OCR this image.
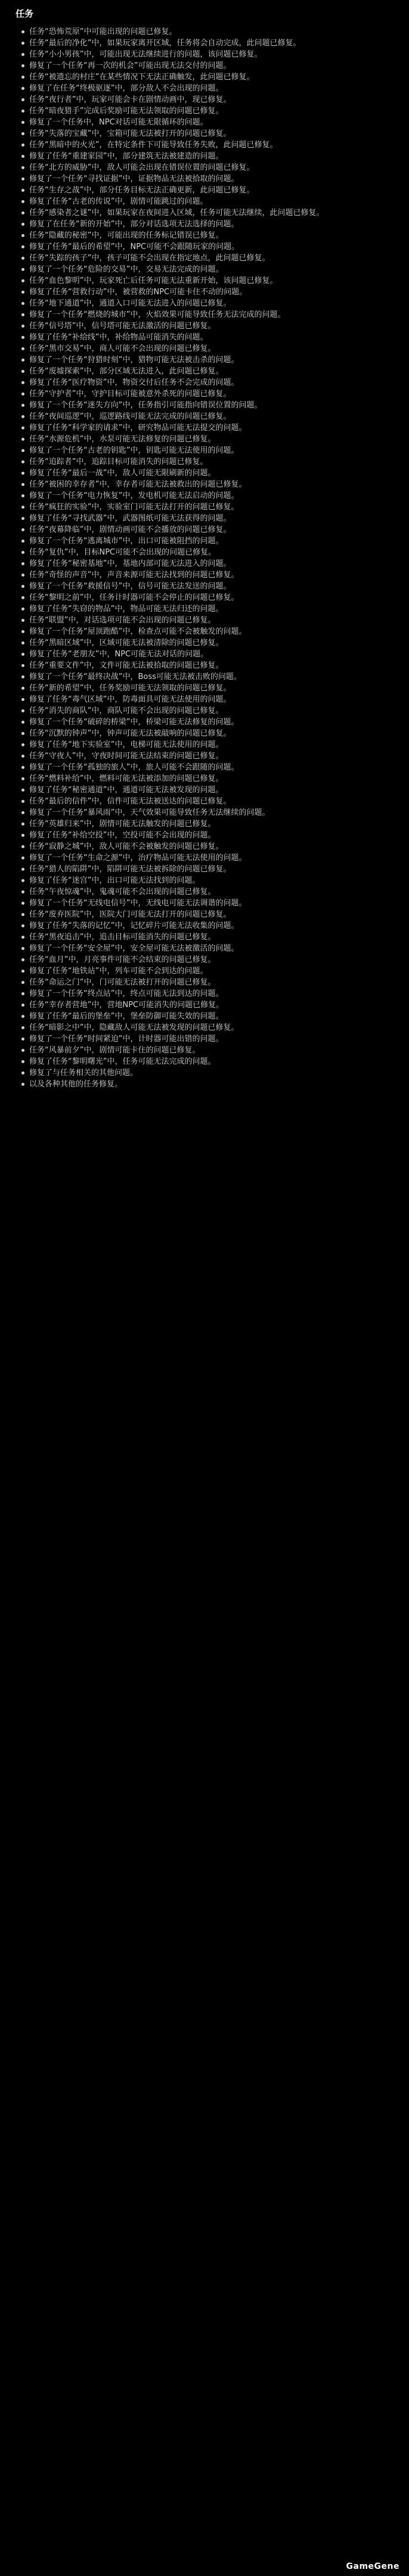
任务
任务“恐怖荒原”中可能出现的问题已修复。
任务“最后的净化”中，如果玩家离开区域，任务将会自动完成，此问题已修复。
任务“小小男孩”中，可能出现无法继续进行的问题，该问题已修复。
修复了一个任务“再一次的机会”可能出现无法交付的问题。
任务“被遗忘的村庄”在某些情况下无法正确触发，此问题已修复。
修复了在任务“终极驱逐”中，部分敌人不会出现的问题。
任务“夜行者”中，玩家可能会卡在剧情动画中，现已修复。
任务“暗夜猎手”完成后奖励可能无法领取的问题已修复。
修复了一个任务中，NPC对话可能无限循环的问题。
任务“失落的宝藏”中，宝箱可能无法被打开的问题已修复。
任务“黑暗中的火光”，在特定条件下可能导致任务失败，此问题已修复。
修复了任务“重建家园”中，部分建筑无法被建造的问题。
任务“北方的威胁”中，敌人可能会出现在错误位置的问题已修复。
修复了一个任务“寻找证据”中，证据物品无法被拾取的问题。
任务“生存之战”中，部分任务目标无法正确更新，此问题已修复。
修复了任务“古老的传说”中，剧情可能跳过的问题。
任务“感染者之谜”中，如果玩家在夜间进入区域，任务可能无法继续，此问题已修复。
修复了在任务“新的开始”中，部分对话选项无法选择的问题。
任务“隐藏的秘密”中，可能出现的任务标记错误已修复。
修复了任务“最后的希望”中，NPC可能不会跟随玩家的问题。
任务“失踪的孩子”中，孩子可能不会出现在指定地点，此问题已修复。
修复了一个任务“危险的交易”中，交易无法完成的问题。
任务“血色黎明”中，玩家死亡后任务可能无法重新开始，该问题已修复。
修复了任务“营救行动”中，被营救的NPC可能卡住不动的问题。
任务“地下通道”中，通道入口可能无法进入的问题已修复。
修复了一个任务“燃烧的城市”中，火焰效果可能导致任务无法完成的问题。
任务“信号塔”中，信号塔可能无法激活的问题已修复。
修复了任务“补给线”中，补给物品可能消失的问题。
任务“黑市交易”中，商人可能不会出现的问题已修复。
修复了一个任务“狩猎时刻”中，猎物可能无法被击杀的问题。
任务“废墟探索”中，部分区域无法进入，此问题已修复。
修复了任务“医疗物资”中，物资交付后任务不会完成的问题。
任务“守护者”中，守护目标可能被意外杀死的问题已修复。
修复了一个任务“迷失方向”中，任务指引可能指向错误位置的问题。
任务“夜间巡逻”中，巡逻路线可能无法完成的问题已修复。
修复了任务“科学家的请求”中，研究物品可能无法提交的问题。
任务“水源危机”中，水泵可能无法修复的问题已修复。
修复了一个任务“古老的钥匙”中，钥匙可能无法使用的问题。
任务“追踪者”中，追踪目标可能消失的问题已修复。
修复了任务“最后一战”中，敌人可能无限刷新的问题。
任务“被困的幸存者”中，幸存者可能无法被救出的问题已修复。
修复了一个任务“电力恢复”中，发电机可能无法启动的问题。
任务“疯狂的实验”中，实验室门可能无法打开的问题已修复。
修复了任务“寻找武器”中，武器图纸可能无法获得的问题。
任务“夜幕降临”中，剧情动画可能不会播放的问题已修复。
修复了一个任务“逃离城市”中，出口可能被阻挡的问题。
任务“复仇”中，目标NPC可能不会出现的问题已修复。
修复了任务“秘密基地”中，基地内部可能无法进入的问题。
任务“奇怪的声音”中，声音来源可能无法找到的问题已修复。
修复了一个任务“救援信号”中，信号可能无法发送的问题。
任务“黎明之前”中，任务计时器可能不会停止的问题已修复。
修复了任务“失窃的物品”中，物品可能无法归还的问题。
任务“联盟”中，对话选项可能不会出现的问题已修复。
修复了一个任务“屋顶跑酷”中，检查点可能不会被触发的问题。
任务“黑暗区域”中，区域可能无法被清除的问题已修复。
修复了任务“老朋友”中，NPC可能无法对话的问题。
任务“重要文件”中，文件可能无法被拾取的问题已修复。
修复了一个任务“最终决战”中，Boss可能无法被击败的问题。
任务“新的希望”中，任务奖励可能无法领取的问题已修复。
修复了任务“毒气区域”中，防毒面具可能无法使用的问题。
任务“消失的商队”中，商队可能不会出现的问题已修复。
修复了一个任务“破碎的桥梁”中，桥梁可能无法修复的问题。
任务“沉默的钟声”中，钟声可能无法被敲响的问题已修复。
修复了任务“地下实验室”中，电梯可能无法使用的问题。
任务“守夜人”中，守夜时间可能无法结束的问题已修复。
修复了一个任务“孤独的旅人”中，旅人可能不会跟随的问题。
任务“燃料补给”中，燃料可能无法被添加的问题已修复。
修复了任务“秘密通道”中，通道可能无法被发现的问题。
任务“最后的信件”中，信件可能无法被送达的问题已修复。
修复了一个任务“暴风雨”中，天气效果可能导致任务无法继续的问题。
任务“英雄归来”中，剧情可能无法触发的问题已修复。
修复了任务“补给空投”中，空投可能不会出现的问题。
任务“寂静之城”中，敌人可能不会被触发的问题已修复。
修复了一个任务“生命之源”中，治疗物品可能无法使用的问题。
任务“猎人的陷阱”中，陷阱可能无法被拆除的问题已修复。
修复了任务“迷宫”中，出口可能无法找到的问题。
任务“午夜惊魂”中，鬼魂可能不会出现的问题已修复。
修复了一个任务“无线电信号”中，无线电可能无法调谐的问题。
任务“废弃医院”中，医院大门可能无法打开的问题已修复。
修复了任务“失落的记忆”中，记忆碎片可能无法收集的问题。
任务“黑夜追击”中，追击目标可能消失的问题已修复。
修复了一个任务“安全屋”中，安全屋可能无法被激活的问题。
任务“血月”中，月亮事件可能不会结束的问题已修复。
修复了任务“地铁站”中，列车可能不会到达的问题。
任务“命运之门”中，门可能无法被打开的问题已修复。
修复了一个任务“终点站”中，终点可能无法到达的问题。
任务“幸存者营地”中，营地NPC可能消失的问题已修复。
修复了任务“最后的堡垒”中，堡垒防御可能失效的问题。
任务“暗影之中”中，隐藏敌人可能无法被发现的问题已修复。
修复了一个任务“时间紧迫”中，计时器可能出错的问题。
任务“风暴前夕”中，剧情可能卡住的问题已修复。
修复了任务“黎明曙光”中，任务可能无法完成的问题。
修复了与任务相关的其他问题。
以及各种其他的任务修复。
GameGene
